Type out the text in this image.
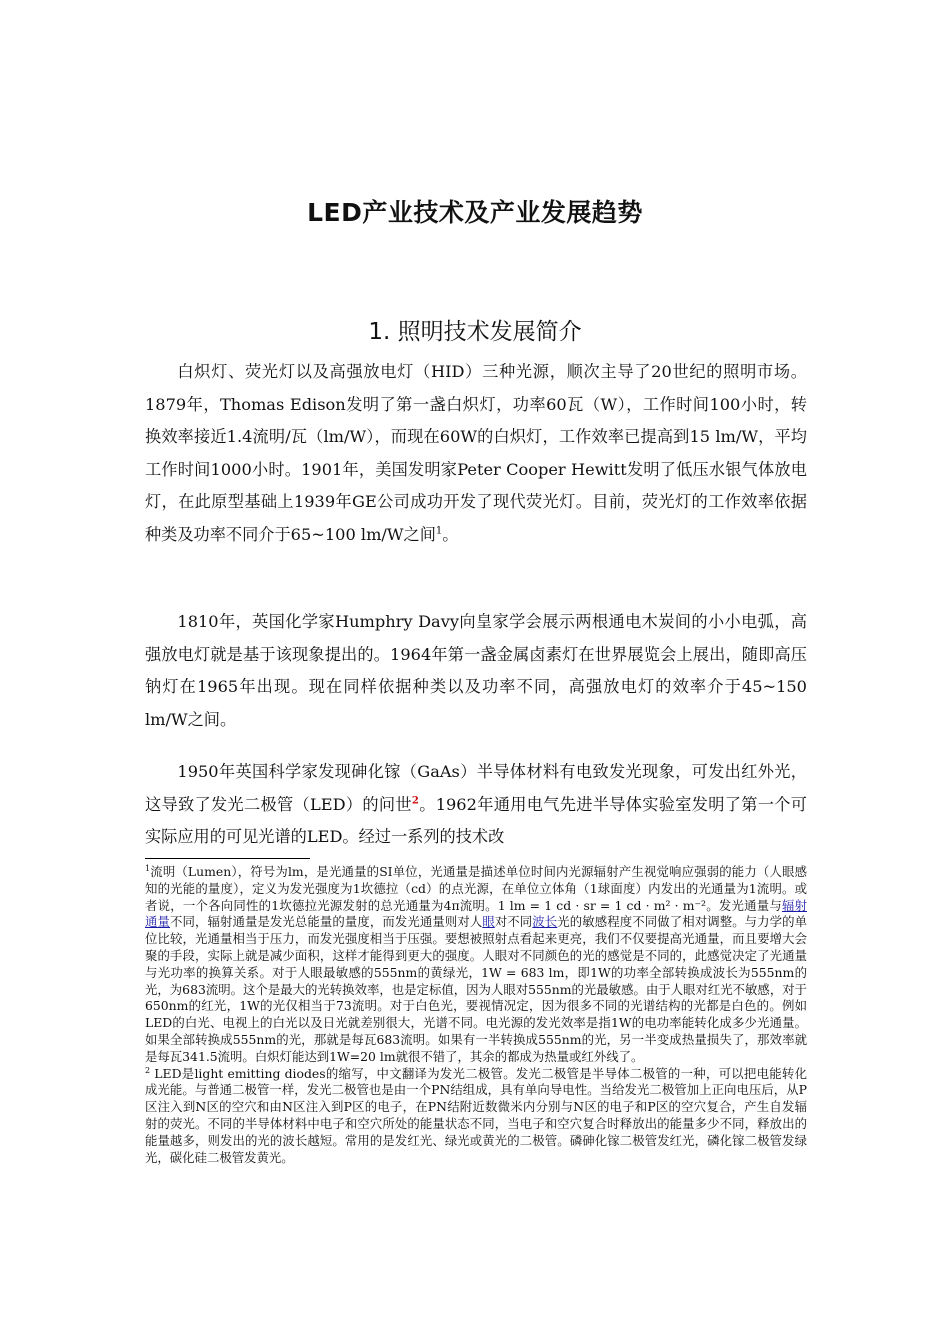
LED产业技术及产业发展趋势
1. 照明技术发展简介

白炽灯、荧光灯以及高强放电灯（HID）三种光源，顺次主导了20世纪的照明市场。1879年，Thomas Edison发明了第一盏白炽灯，功率60瓦（W），工作时间100小时，转换效率接近1.4流明/瓦（lm/W），而现在60W的白炽灯，工作效率已提高到15 lm/W，平均工作时间1000小时。1901年，美国发明家Peter Cooper Hewitt发明了低压水银气体放电灯，在此原型基础上1939年GE公司成功开发了现代荧光灯。目前，荧光灯的工作效率依据种类及功率不同介于65~100 lm/W之间$^1$。

1810年，英国化学家Humphry Davy向皇家学会展示两根通电木炭间的小小电弧，高强放电灯就是基于该现象提出的。1964年第一盏金属卤素灯在世界展览会上展出，随即高压钠灯在1965年出现。现在同样依据种类以及功率不同，高强放电灯的效率介于45~150 lm/W之间。

1950年英国科学家发现砷化镓（GaAs）半导体材料有电致发光现象，可发出红外光，这导致了发光二极管（LED）的问世$^2$。1962年通用电气先进半导体实验室发明了第一个可实际应用的可见光谱的LED。经过一系列的技术改

$^1$流明（Lumen），符号为lm，是光通量的SI单位，光通量是描述单位时间内光源辐射产生视觉响应强弱的能力（人眼感知的光能的量度），定义为发光强度为1坎德拉（cd）的点光源，在单位立体角（1球面度）内发出的光通量为1流明。或者说，一个各向同性的1坎德拉光源发射的总光通量为4π流明。1 lm = 1 cd · sr = 1 cd · m² · m⁻²。发光通量与辐射通量不同，辐射通量是发光总能量的量度，而发光通量则对人眼对不同波长光的敏感程度不同做了相对调整。与力学的单位比较，光通量相当于压力，而发光强度相当于压强。要想被照射点看起来更亮，我们不仅要提高光通量，而且要增大会聚的手段，实际上就是减少面积，这样才能得到更大的强度。人眼对不同颜色的光的感觉是不同的，此感觉决定了光通量与光功率的换算关系。对于人眼最敏感的555nm的黄绿光，1W = 683 lm，即1W的功率全部转换成波长为555nm的光，为683流明。这个是最大的光转换效率，也是定标值，因为人眼对555nm的光最敏感。由于人眼对红光不敏感，对于650nm的红光，1W的光仅相当于73流明。对于白色光，要视情况定，因为很多不同的光谱结构的光都是白色的。例如LED的白光、电视上的白光以及日光就差别很大，光谱不同。电光源的发光效率是指1W的电功率能转化成多少光通量。如果全部转换成555nm的光，那就是每瓦683流明。如果有一半转换成555nm的光，另一半变成热量损失了，那效率就是每瓦341.5流明。白炽灯能达到1W=20 lm就很不错了，其余的都成为热量或红外线了。

$^2$ LED是light emitting diodes的缩写，中文翻译为发光二极管。发光二极管是半导体二极管的一种，可以把电能转化成光能。与普通二极管一样，发光二极管也是由一个PN结组成，具有单向导电性。当给发光二极管加上正向电压后，从P区注入到N区的空穴和由N区注入到P区的电子，在PN结附近数微米内分别与N区的电子和P区的空穴复合，产生自发辐射的荧光。不同的半导体材料中电子和空穴所处的能量状态不同，当电子和空穴复合时释放出的能量多少不同，释放出的能量越多，则发出的光的波长越短。常用的是发红光、绿光或黄光的二极管。磷砷化镓二极管发红光，磷化镓二极管发绿光，碳化硅二极管发黄光。
